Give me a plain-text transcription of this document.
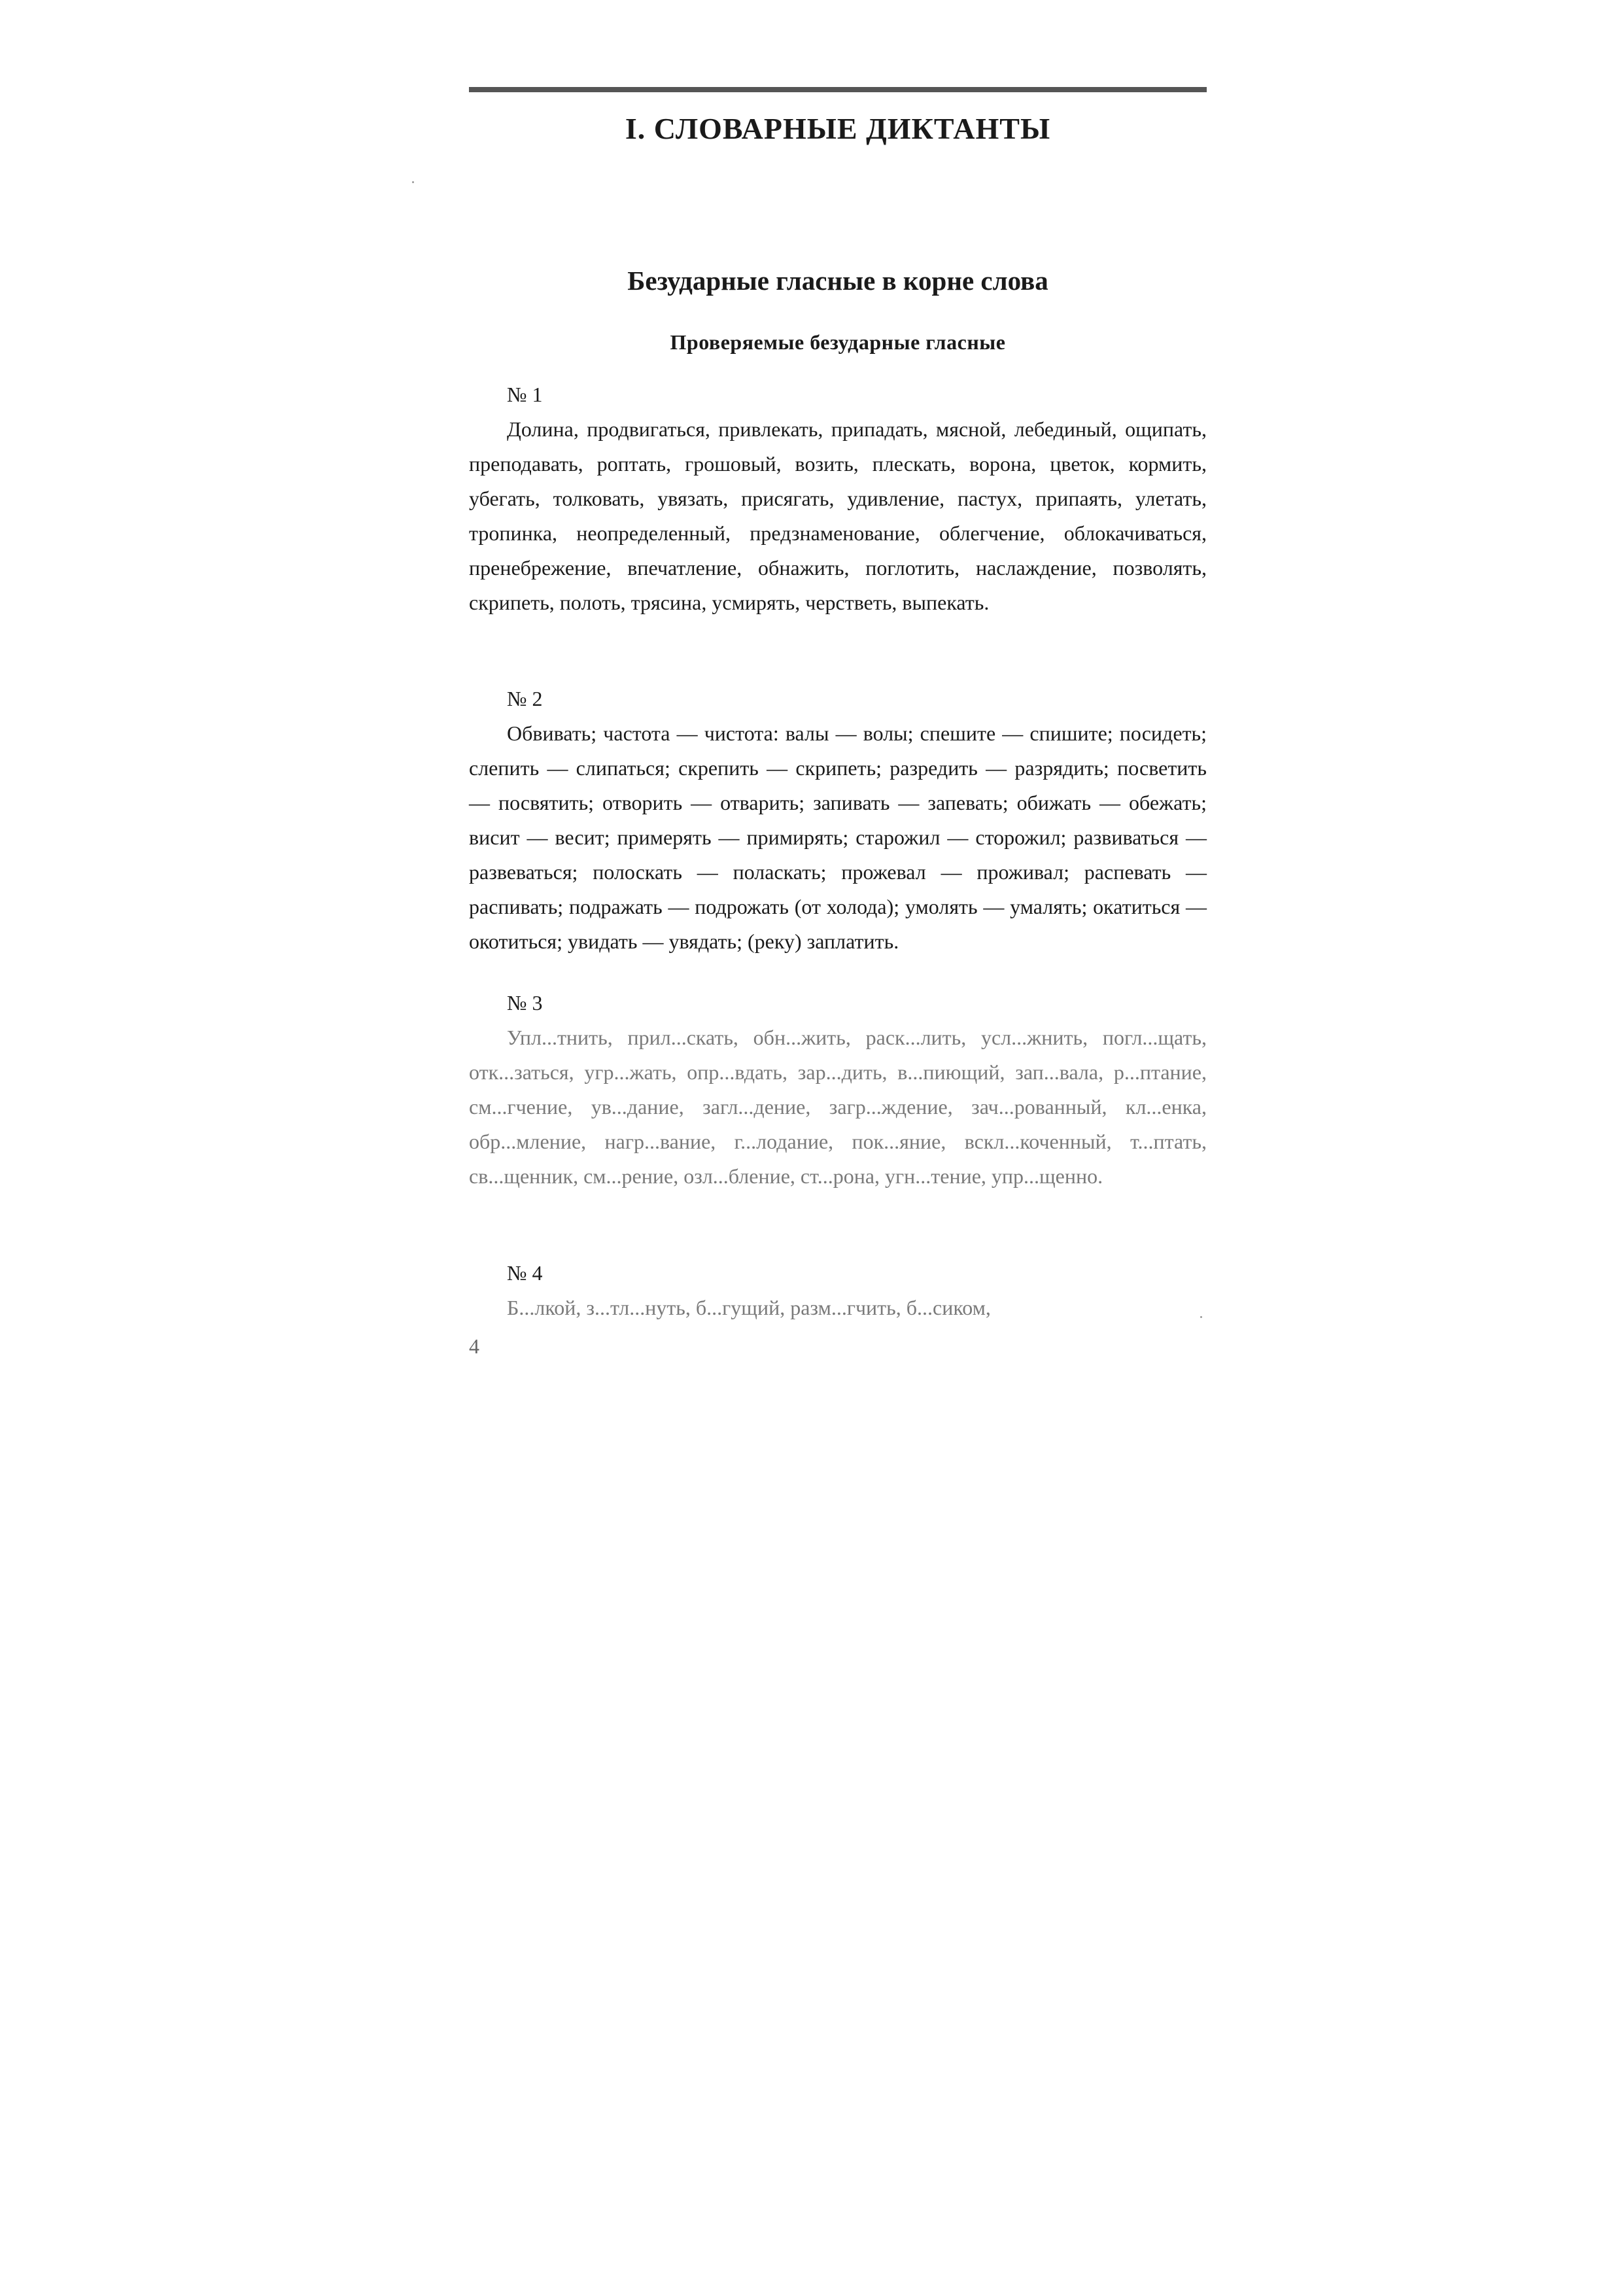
I. СЛОВАРНЫЕ ДИКТАНТЫ
Безударные гласные в корне слова
Проверяемые безударные гласные
№ 1
Долина, продвигаться, привлекать, припадать, мясной, лебединый, ощипать, преподавать, роптать, грошовый, возить, плескать, ворона, цветок, кормить, убегать, толковать, увязать, присягать, удивление, пастух, припаять, улетать, тропинка, неопределенный, предзнаменование, облегчение, облокачиваться, пренебрежение, впечатление, обнажить, поглотить, наслаждение, позволять, скрипеть, полоть, трясина, усмирять, черстветь, выпекать.
№ 2
Обвивать; частота — чистота: валы — волы; спешите — спишите; посидеть; слепить — слипаться; скрепить — скрипеть; разредить — разрядить; посветить — посвятить; отворить — отварить; запивать — запевать; обижать — обежать; висит — весит; примерять — примирять; старожил — сторожил; развиваться — развеваться; полоскать — поласкать; прожевал — проживал; распевать — распивать; подражать — подрожать (от холода); умолять — умалять; окатиться — окотиться; увидать — увядать; (реку) заплатить.
№ 3
Упл...тнить, прил...скать, обн...жить, раск...лить, усл...жнить, погл...щать, отк...заться, угр...жать, опр...вдать, зар...дить, в...пиющий, зап...вала, р...птание, см...гчение, ув...дание, загл...дение, загр...ждение, зач...рованный, кл...енка, обр...мление, нагр...вание, г...лодание, пок...яние, вскл...коченный, т...птать, св...щенник, см...рение, озл...бление, ст...рона, угн...тение, упр...щенно.
№ 4
Б...лкой, з...тл...нуть, б...гущий, разм...гчить, б...сиком,
4
